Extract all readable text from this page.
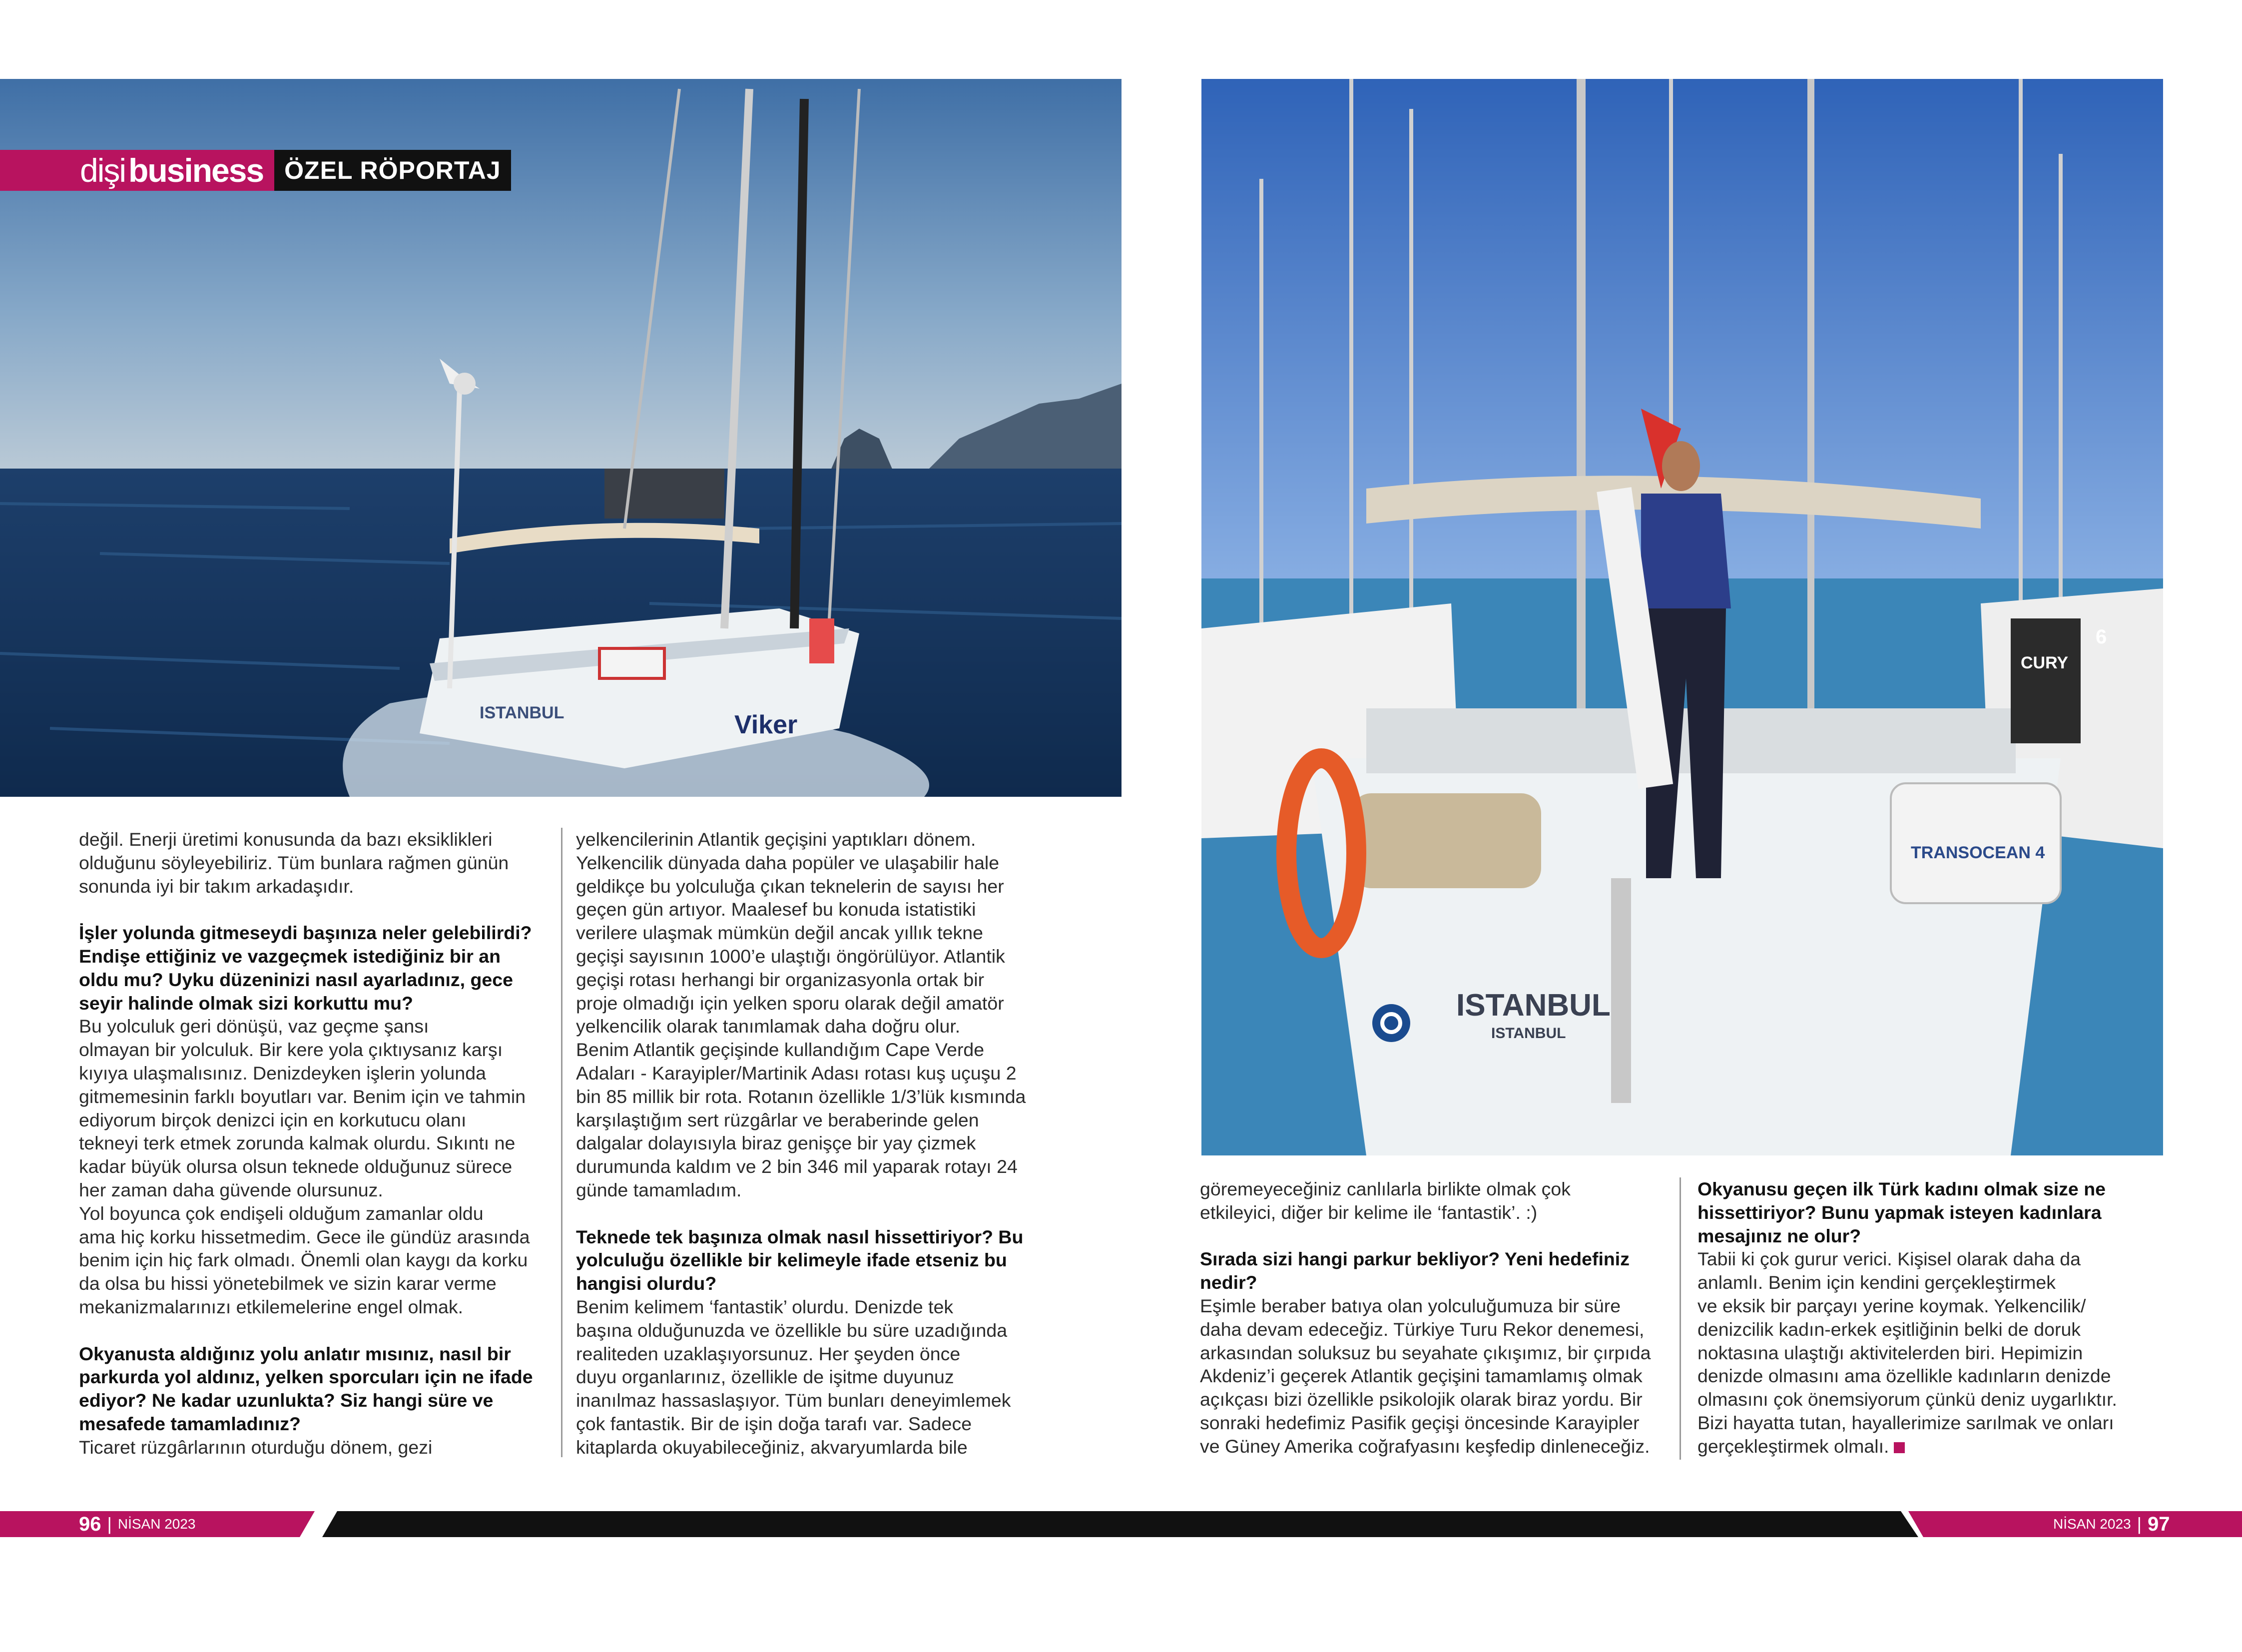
ISTANBUL	Viker
ISTANBUL
ISTANBUL
TRANSOCEAN 4
CURY
6
dişi business ÖZEL RÖPORTAJ

değil. Enerji üretimi konusunda da bazı eksiklikleri

olduğunu söyleyebiliriz. Tüm bunlara rağmen günün

sonunda iyi bir takım arkadaşıdır.

İşler yolunda gitmeseydi başınıza neler gelebilirdi?

Endişe ettiğiniz ve vazgeçmek istediğiniz bir an

oldu mu? Uyku düzeninizi nasıl ayarladınız, gece

seyir halinde olmak sizi korkuttu mu?

Bu yolculuk geri dönüşü, vaz geçme şansı

olmayan bir yolculuk. Bir kere yola çıktıysanız karşı

kıyıya ulaşmalısınız. Denizdeyken işlerin yolunda

gitmemesinin farklı boyutları var. Benim için ve tahmin

ediyorum birçok denizci için en korkutucu olanı

tekneyi terk etmek zorunda kalmak olurdu. Sıkıntı ne

kadar büyük olursa olsun teknede olduğunuz sürece

her zaman daha güvende olursunuz.

Yol boyunca çok endişeli olduğum zamanlar oldu

ama hiç korku hissetmedim. Gece ile gündüz arasında

benim için hiç fark olmadı. Önemli olan kaygı da korku

da olsa bu hissi yönetebilmek ve sizin karar verme

mekanizmalarınızı etkilemelerine engel olmak.

Okyanusta aldığınız yolu anlatır mısınız, nasıl bir

parkurda yol aldınız, yelken sporcuları için ne ifade

ediyor? Ne kadar uzunlukta? Siz hangi süre ve

mesafede tamamladınız?

Ticaret rüzgârlarının oturduğu dönem, gezi

yelkencilerinin Atlantik geçişini yaptıkları dönem.

Yelkencilik dünyada daha popüler ve ulaşabilir hale

geldikçe bu yolculuğa çıkan teknelerin de sayısı her

geçen gün artıyor. Maalesef bu konuda istatistiki

verilere ulaşmak mümkün değil ancak yıllık tekne

geçişi sayısının 1000’e ulaştığı öngörülüyor. Atlantik

geçişi rotası herhangi bir organizasyonla ortak bir

proje olmadığı için yelken sporu olarak değil amatör

yelkencilik olarak tanımlamak daha doğru olur.

Benim Atlantik geçişinde kullandığım Cape Verde

Adaları - Karayipler/Martinik Adası rotası kuş uçuşu 2

bin 85 millik bir rota. Rotanın özellikle 1/3’lük kısmında

karşılaştığım sert rüzgârlar ve beraberinde gelen

dalgalar dolayısıyla biraz genişçe bir yay çizmek

durumunda kaldım ve 2 bin 346 mil yaparak rotayı 24

günde tamamladım.

Teknede tek başınıza olmak nasıl hissettiriyor? Bu

yolculuğu özellikle bir kelimeyle ifade etseniz bu

hangisi olurdu?

Benim kelimem ‘fantastik’ olurdu. Denizde tek

başına olduğunuzda ve özellikle bu süre uzadığında

realiteden uzaklaşıyorsunuz. Her şeyden önce

duyu organlarınız, özellikle de işitme duyunuz

inanılmaz hassaslaşıyor. Tüm bunları deneyimlemek

çok fantastik. Bir de işin doğa tarafı var. Sadece

kitaplarda okuyabileceğiniz, akvaryumlarda bile

göremeyeceğiniz canlılarla birlikte olmak çok

etkileyici, diğer bir kelime ile ‘fantastik’. :)

Sırada sizi hangi parkur bekliyor? Yeni hedefiniz

nedir?

Eşimle beraber batıya olan yolculuğumuza bir süre

daha devam edeceğiz. Türkiye Turu Rekor denemesi,

arkasından soluksuz bu seyahate çıkışımız, bir çırpıda

Akdeniz’i geçerek Atlantik geçişini tamamlamış olmak

açıkçası bizi özellikle psikolojik olarak biraz yordu. Bir

sonraki hedefimiz Pasifik geçişi öncesinde Karayipler

ve Güney Amerika coğrafyasını keşfedip dinleneceğiz.

Okyanusu geçen ilk Türk kadını olmak size ne

hissettiriyor? Bunu yapmak isteyen kadınlara

mesajınız ne olur?

Tabii ki çok gurur verici. Kişisel olarak daha da

anlamlı. Benim için kendini gerçekleştirmek

ve eksik bir parçayı yerine koymak. Yelkencilik/

denizcilik kadın-erkek eşitliğinin belki de doruk

noktasına ulaştığı aktivitelerden biri. Hepimizin

denizde olmasını ama özellikle kadınların denizde

olmasını çok önemsiyorum çünkü deniz uygarlıktır.

Bizi hayatta tutan, hayallerimize sarılmak ve onları

gerçekleştirmek olmalı.

96 | NİSAN 2023	NİSAN 2023 | 97
